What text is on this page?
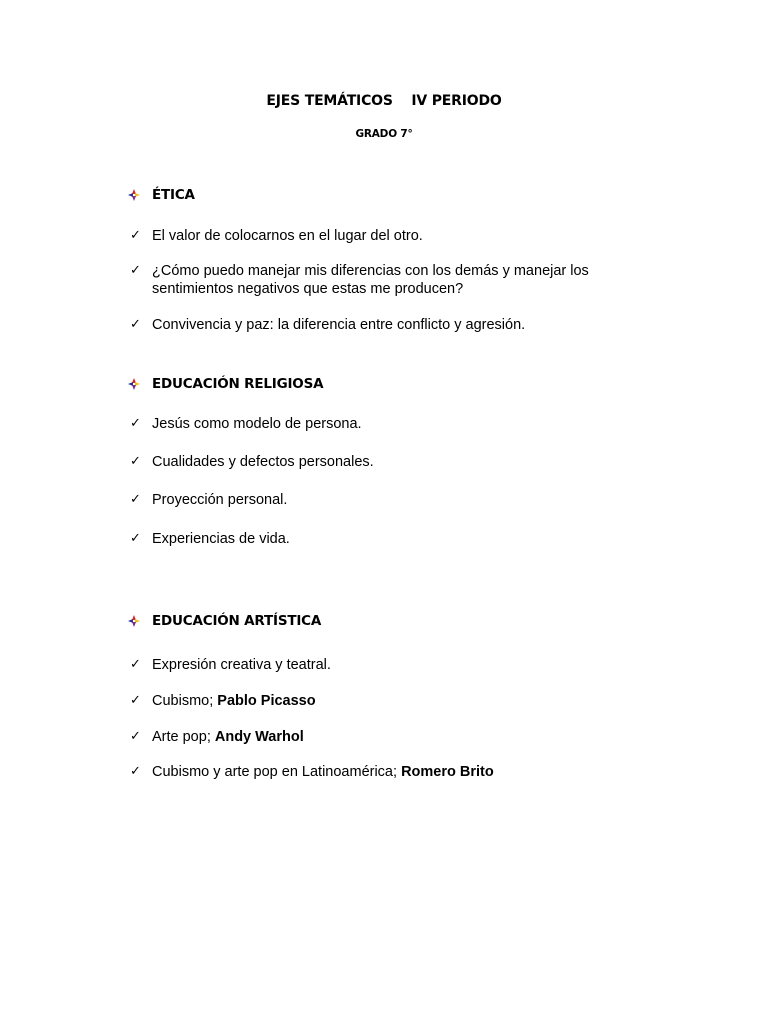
EJES TEMÁTICOS    IV PERIODO
GRADO 7°
ÉTICA
✓ El valor de colocarnos en el lugar del otro.
✓ ¿Cómo puedo manejar mis diferencias con los demás y manejar los sentimientos negativos que estas me producen?
✓ Convivencia y paz: la diferencia entre conflicto y agresión.
EDUCACIÓN RELIGIOSA
✓ Jesús como modelo de persona.
✓ Cualidades y defectos personales.
✓ Proyección personal.
✓ Experiencias de vida.
EDUCACIÓN ARTÍSTICA
✓ Expresión creativa y teatral.
✓ Cubismo; Pablo Picasso
✓ Arte pop; Andy Warhol
✓ Cubismo y arte pop en Latinoamérica; Romero Brito
